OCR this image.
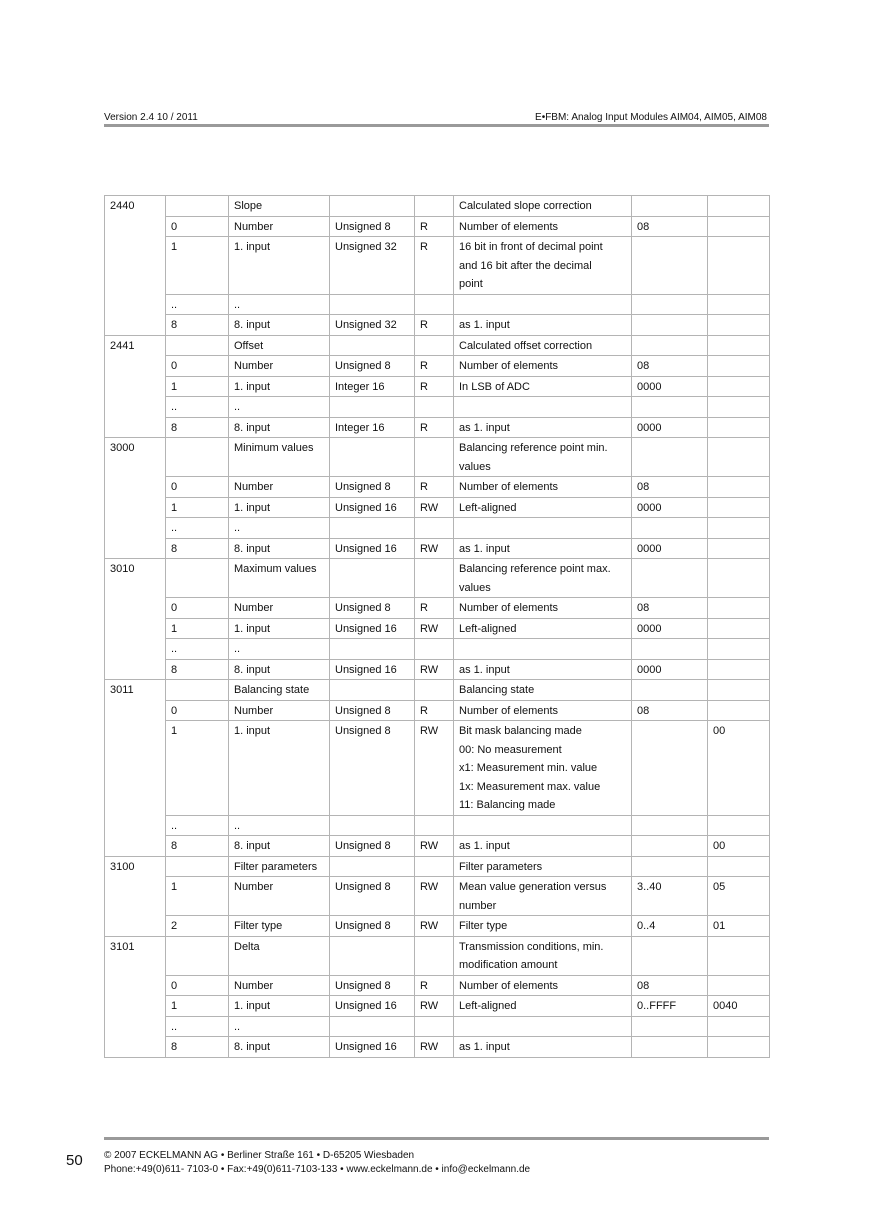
Version 2.4 10 / 2011	E•FBM: Analog Input Modules AIM04, AIM05, AIM08
2440		Slope			Calculated slope correction		
	0	Number	Unsigned 8	R	Number of elements	08	
	1	1. input	Unsigned 32	R	16 bit in front of decimal point
and 16 bit after the decimal
point		
	..	..					
	8	8. input	Unsigned 32	R	as 1. input		
2441		Offset			Calculated offset correction		
	0	Number	Unsigned 8	R	Number of elements	08	
	1	1. input	Integer 16	R	In LSB of ADC	0000	
	..	..					
	8	8. input	Integer 16	R	as 1. input	0000	
3000		Minimum values			Balancing reference point min.
values		
	0	Number	Unsigned 8	R	Number of elements	08	
	1	1. input	Unsigned 16	RW	Left-aligned	0000	
	..	..					
	8	8. input	Unsigned 16	RW	as 1. input	0000	
3010		Maximum values			Balancing reference point max.
values		
	0	Number	Unsigned 8	R	Number of elements	08	
	1	1. input	Unsigned 16	RW	Left-aligned	0000	
	..	..					
	8	8. input	Unsigned 16	RW	as 1. input	0000	
3011		Balancing state			Balancing state		
	0	Number	Unsigned 8	R	Number of elements	08	
	1	1. input	Unsigned 8	RW	Bit mask balancing made
00: No measurement
x1: Measurement min. value
1x: Measurement max. value
11: Balancing made		00
	..	..					
	8	8. input	Unsigned 8	RW	as 1. input		00
3100		Filter parameters			Filter parameters		
	1	Number	Unsigned 8	RW	Mean value generation versus
number	3..40	05
	2	Filter type	Unsigned 8	RW	Filter type	0..4	01
3101		Delta			Transmission conditions, min.
modification amount		
	0	Number	Unsigned 8	R	Number of elements	08	
	1	1. input	Unsigned 16	RW	Left-aligned	0..FFFF	0040
	..	..					
	8	8. input	Unsigned 16	RW	as 1. input		
50 © 2007 ECKELMANN AG • Berliner Straße 161 • D-65205 Wiesbaden
Phone:+49(0)611- 7103-0 • Fax:+49(0)611-7103-133 • www.eckelmann.de • info@eckelmann.de
